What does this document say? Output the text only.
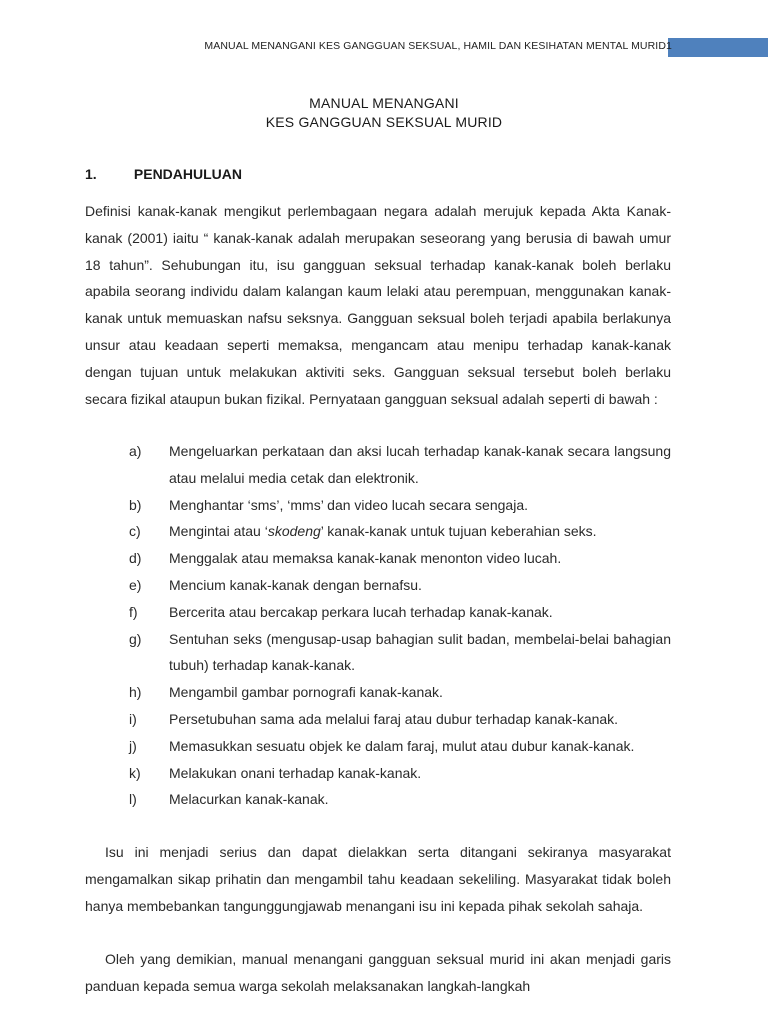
MANUAL MENANGANI KES GANGGUAN SEKSUAL, HAMIL DAN KESIHATAN MENTAL MURID 1
MANUAL MENANGANI
KES GANGGUAN SEKSUAL MURID
1.	PENDAHULUAN
Definisi kanak-kanak mengikut perlembagaan negara adalah merujuk kepada Akta Kanak-kanak (2001) iaitu “ kanak-kanak adalah merupakan seseorang yang berusia di bawah umur 18 tahun”. Sehubungan itu, isu gangguan seksual terhadap kanak-kanak boleh berlaku apabila seorang individu dalam kalangan kaum lelaki atau perempuan, menggunakan kanak-kanak untuk memuaskan nafsu seksnya. Gangguan seksual boleh terjadi apabila berlakunya unsur atau keadaan seperti memaksa, mengancam atau menipu terhadap kanak-kanak dengan tujuan untuk melakukan aktiviti seks. Gangguan seksual tersebut boleh berlaku secara fizikal ataupun bukan fizikal. Pernyataan gangguan seksual adalah seperti di bawah :
a) Mengeluarkan perkataan dan aksi lucah terhadap kanak-kanak secara langsung atau melalui media cetak dan elektronik.
b) Menghantar ‘sms’, ‘mms’ dan video lucah secara sengaja.
c) Mengintai atau ‘skodeng’ kanak-kanak untuk tujuan keberahian seks.
d) Menggalak atau memaksa kanak-kanak menonton video lucah.
e) Mencium kanak-kanak dengan bernafsu.
f) Bercerita atau bercakap perkara lucah terhadap kanak-kanak.
g) Sentuhan seks (mengusap-usap bahagian sulit badan, membelai-belai bahagian tubuh) terhadap kanak-kanak.
h) Mengambil gambar pornografi kanak-kanak.
i) Persetubuhan sama ada melalui faraj atau dubur terhadap kanak-kanak.
j) Memasukkan sesuatu objek ke dalam faraj, mulut atau dubur kanak-kanak.
k) Melakukan onani terhadap kanak-kanak.
l) Melacurkan kanak-kanak.
Isu ini menjadi serius dan dapat dielakkan serta ditangani sekiranya masyarakat mengamalkan sikap prihatin dan mengambil tahu keadaan sekeliling. Masyarakat tidak boleh hanya membebankan tangunggungjawab menangani isu ini kepada pihak sekolah sahaja.
Oleh yang demikian, manual menangani gangguan seksual murid ini akan menjadi garis panduan kepada semua warga sekolah melaksanakan langkah-langkah
